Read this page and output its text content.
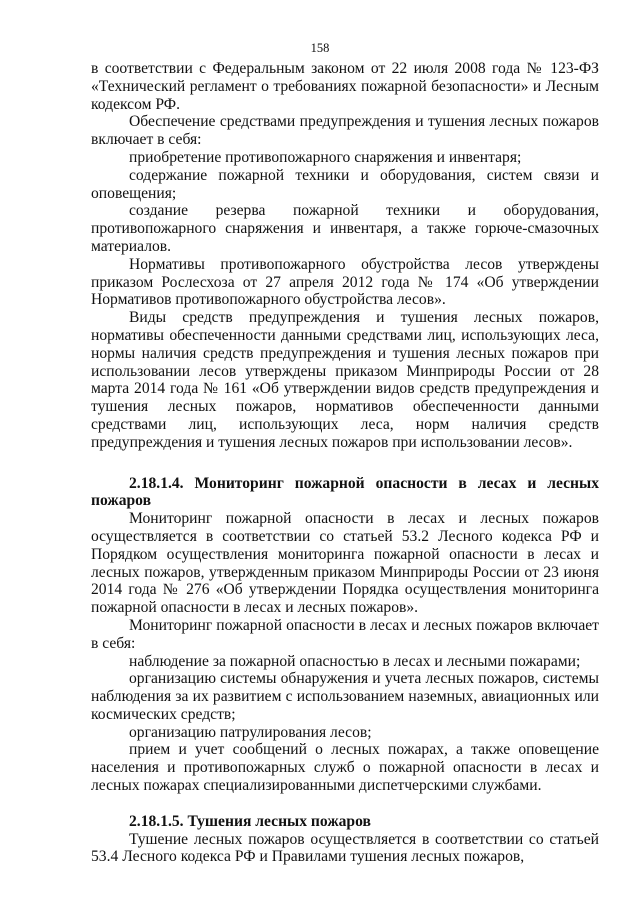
158

в соответствии с Федеральным законом от 22 июля 2008 года № 123-ФЗ «Технический регламент о требованиях пожарной безопасности» и Лесным кодексом РФ.

Обеспечение средствами предупреждения и тушения лесных пожаров включает в себя:

приобретение противопожарного снаряжения и инвентаря;

содержание пожарной техники и оборудования, систем связи и оповещения;

создание резерва пожарной техники и оборудования, противопожарного снаряжения и инвентаря, а также горюче-смазочных материалов.

Нормативы противопожарного обустройства лесов утверждены приказом Рослесхоза от 27 апреля 2012 года № 174 «Об утверждении Нормативов противопожарного обустройства лесов».

Виды средств предупреждения и тушения лесных пожаров, нормативы обеспеченности данными средствами лиц, использующих леса, нормы наличия средств предупреждения и тушения лесных пожаров при использовании лесов утверждены приказом Минприроды России от 28 марта 2014 года № 161 «Об утверждении видов средств предупреждения и тушения лесных пожаров, нормативов обеспеченности данными средствами лиц, использующих леса, норм наличия средств предупреждения и тушения лесных пожаров при использовании лесов».

2.18.1.4. Мониторинг пожарной опасности в лесах и лесных пожаров

Мониторинг пожарной опасности в лесах и лесных пожаров осуществляется в соответствии со статьей 53.2 Лесного кодекса РФ и Порядком осуществления мониторинга пожарной опасности в лесах и лесных пожаров, утвержденным приказом Минприроды России от 23 июня 2014 года № 276 «Об утверждении Порядка осуществления мониторинга пожарной опасности в лесах и лесных пожаров».

Мониторинг пожарной опасности в лесах и лесных пожаров включает в себя:

наблюдение за пожарной опасностью в лесах и лесными пожарами;

организацию системы обнаружения и учета лесных пожаров, системы наблюдения за их развитием с использованием наземных, авиационных или космических средств;

организацию патрулирования лесов;

прием и учет сообщений о лесных пожарах, а также оповещение населения и противопожарных служб о пожарной опасности в лесах и лесных пожарах специализированными диспетчерскими службами.

2.18.1.5. Тушения лесных пожаров

Тушение лесных пожаров осуществляется в соответствии со статьей 53.4 Лесного кодекса РФ и Правилами тушения лесных пожаров,
